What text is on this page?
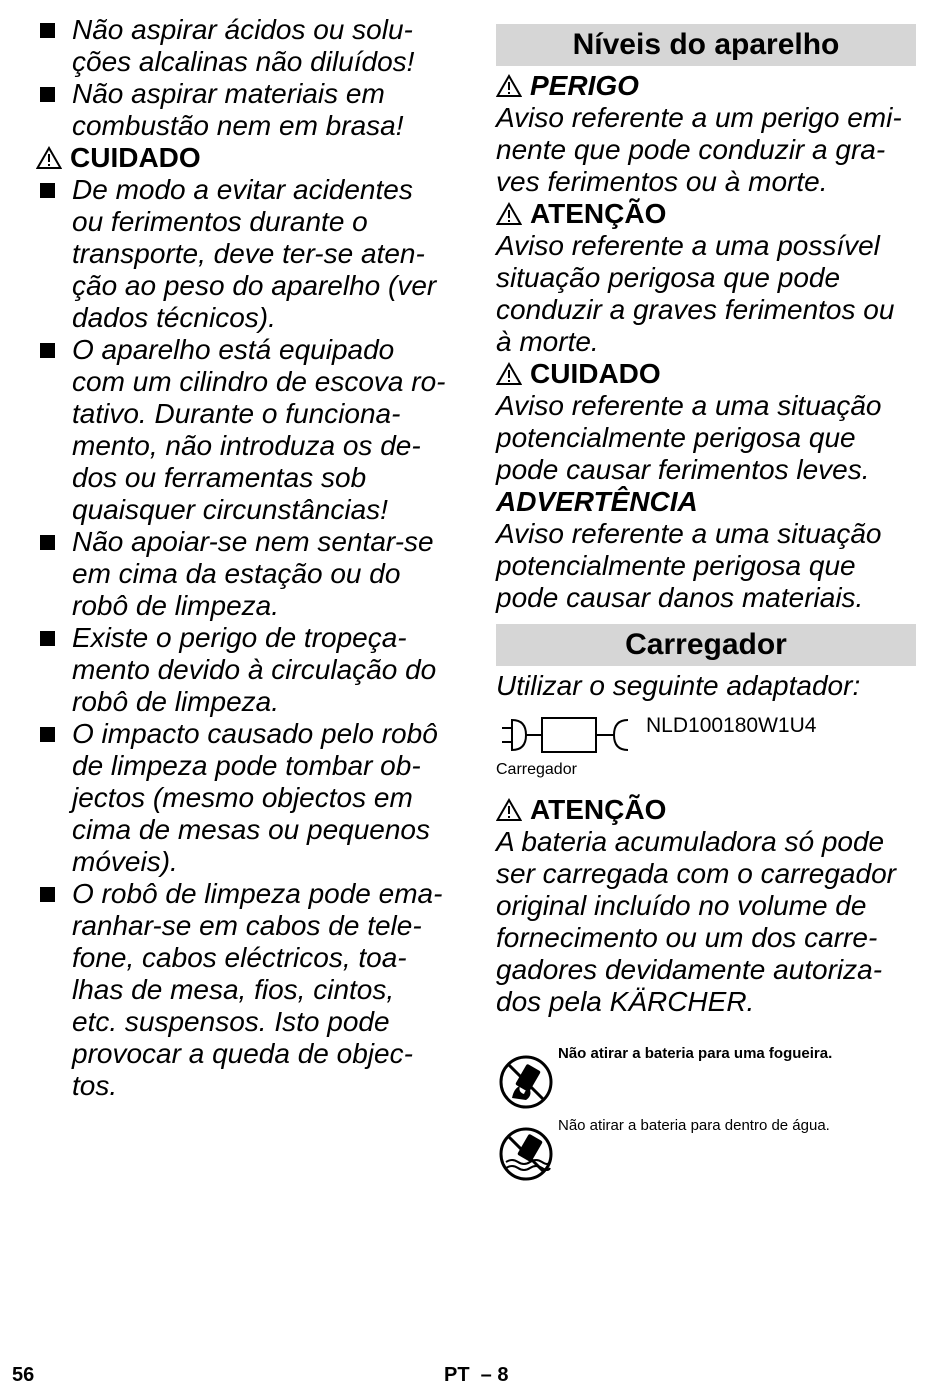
Não aspirar ácidos ou solu-
ções alcalinas não diluídos!

Não aspirar materiais em
combustão nem em brasa!

CUIDADO

De modo a evitar acidentes
ou ferimentos durante o
transporte, deve ter-se aten-
ção ao peso do aparelho (ver
dados técnicos).

O aparelho está equipado
com um cilindro de escova ro-
tativo. Durante o funciona-
mento, não introduza os de-
dos ou ferramentas sob
quaisquer circunstâncias!

Não apoiar-se nem sentar-se
em cima da estação ou do
robô de limpeza.

Existe o perigo de tropeça-
mento devido à circulação do
robô de limpeza.

O impacto causado pelo robô
de limpeza pode tombar ob-
jectos (mesmo objectos em
cima de mesas ou pequenos
móveis).

O robô de limpeza pode ema-
ranhar-se em cabos de tele-
fone, cabos eléctricos, toa-
lhas de mesa, fios, cintos,
etc. suspensos. Isto pode
provocar a queda de objec-
tos.

Níveis do aparelho

PERIGO

Aviso referente a um perigo emi-
nente que pode conduzir a gra-
ves ferimentos ou à morte.

ATENÇÃO

Aviso referente a uma possível
situação perigosa que pode
conduzir a graves ferimentos ou
à morte.

CUIDADO

Aviso referente a uma situação
potencialmente perigosa que
pode causar ferimentos leves.

ADVERTÊNCIA

Aviso referente a uma situação
potencialmente perigosa que
pode causar danos materiais.

Carregador

Utilizar o seguinte adaptador:

NLD100180W1U4
Carregador

ATENÇÃO

A bateria acumuladora só pode
ser carregada com o carregador
original incluído no volume de
fornecimento ou um dos carre-
gadores devidamente autoriza-
dos pela KÄRCHER.

Não atirar a bateria para uma fogueira.
Não atirar a bateria para dentro de água.
56	PT  – 8
